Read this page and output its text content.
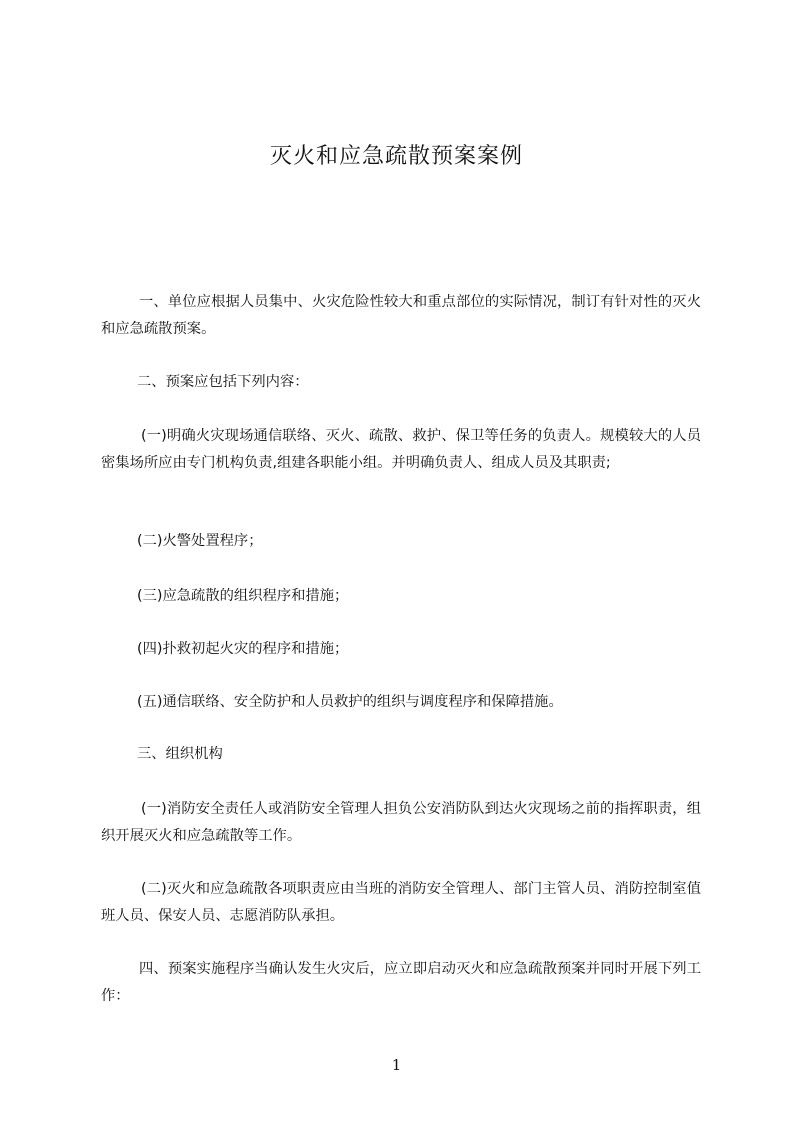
灭火和应急疏散预案案例

一、单位应根据人员集中、火灾危险性较大和重点部位的实际情况，制订有针对性的灭火和应急疏散预案。

二、预案应包括下列内容：

(一)明确火灾现场通信联络、灭火、疏散、救护、保卫等任务的负责人。规模较大的人员密集场所应由专门机构负责,组建各职能小组。并明确负责人、组成人员及其职责;

(二)火警处置程序；

(三)应急疏散的组织程序和措施；

(四)扑救初起火灾的程序和措施；

(五)通信联络、安全防护和人员救护的组织与调度程序和保障措施。

三、组织机构

(一)消防安全责任人或消防安全管理人担负公安消防队到达火灾现场之前的指挥职责，组织开展灭火和应急疏散等工作。

(二)灭火和应急疏散各项职责应由当班的消防安全管理人、部门主管人员、消防控制室值班人员、保安人员、志愿消防队承担。

四、预案实施程序当确认发生火灾后，应立即启动灭火和应急疏散预案并同时开展下列工作：

1
